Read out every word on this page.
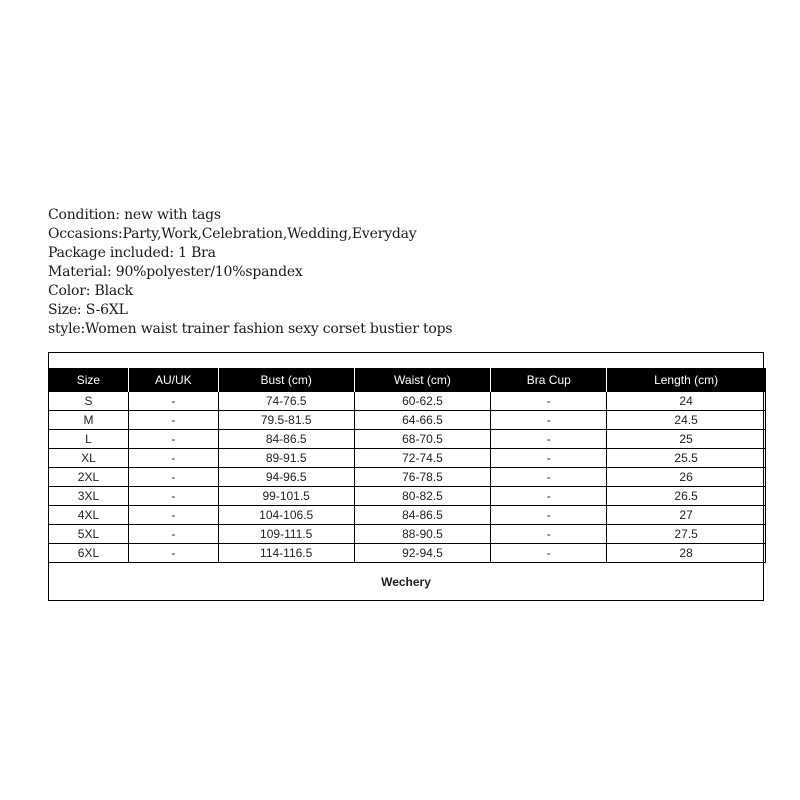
Condition: new with tags
Occasions:Party,Work,Celebration,Wedding,Everyday
Package included: 1 Bra
Material: 90%polyester/10%spandex
Color: Black
Size: S-6XL
style:Women waist trainer fashion sexy corset bustier tops
Size	AU/UK	Bust (cm)	Waist (cm)	Bra Cup	Length (cm)
S	-	74-76.5	60-62.5	-	24
M	-	79.5-81.5	64-66.5	-	24.5
L	-	84-86.5	68-70.5	-	25
XL	-	89-91.5	72-74.5	-	25.5
2XL	-	94-96.5	76-78.5	-	26
3XL	-	99-101.5	80-82.5	-	26.5
4XL	-	104-106.5	84-86.5	-	27
5XL	-	109-111.5	88-90.5	-	27.5
6XL	-	114-116.5	92-94.5	-	28
Wechery
